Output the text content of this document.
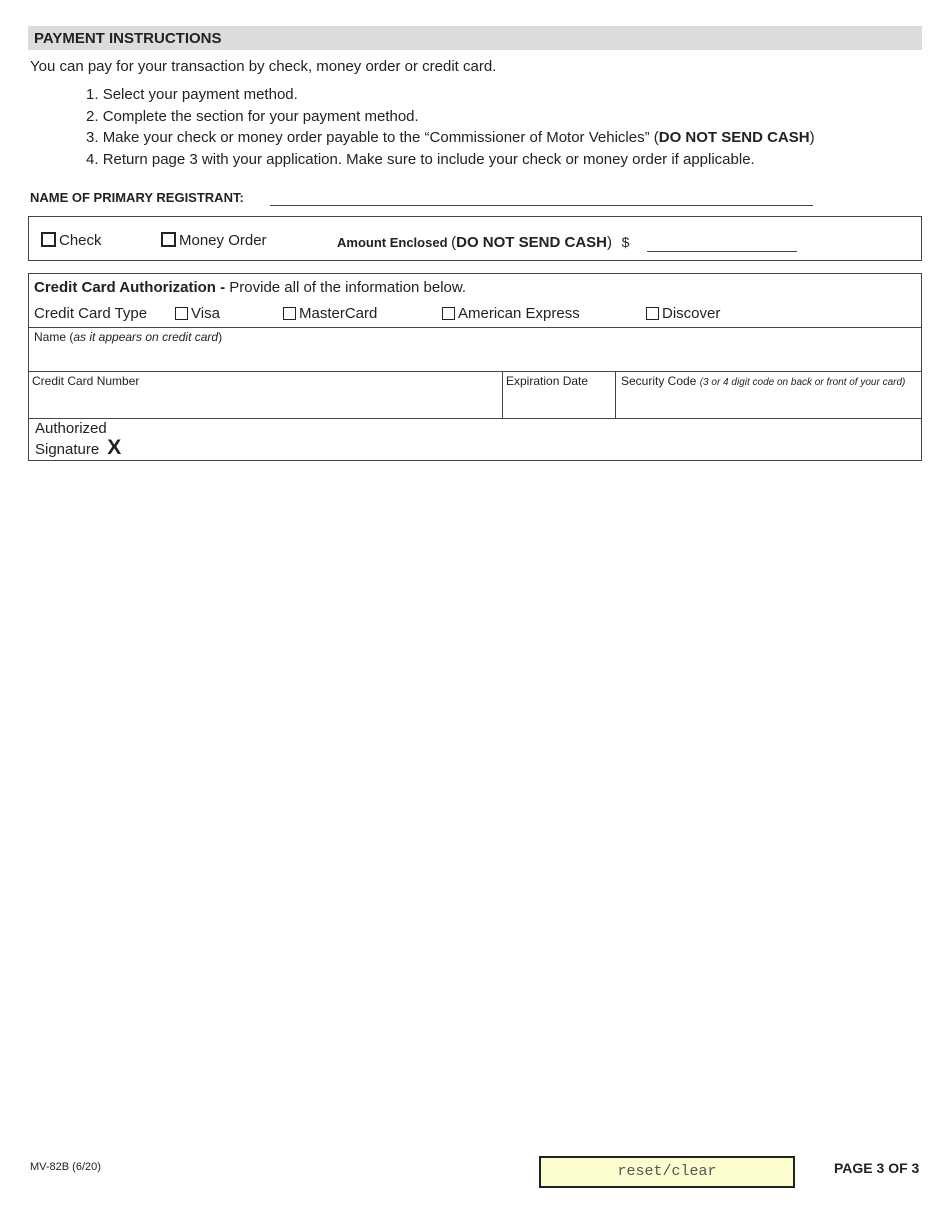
PAYMENT INSTRUCTIONS
You can pay for your transaction by check, money order or credit card.
1. Select your payment method.
2. Complete the section for your payment method.
3. Make your check or money order payable to the “Commissioner of Motor Vehicles” (DO NOT SEND CASH)
4. Return page 3 with your application. Make sure to include your check or money order if applicable.
NAME OF PRIMARY REGISTRANT:
Check	Money Order	Amount Enclosed (DO NOT SEND CASH) $
Credit Card Authorization - Provide all of the information below.
Credit Card Type	Visa	MasterCard	American Express	Discover
Name (as it appears on credit card)
Credit Card Number	Expiration Date	Security Code (3 or 4 digit code on back or front of your card)
Authorized
Signature X
MV-82B (6/20)	reset/clear	PAGE 3 OF 3
